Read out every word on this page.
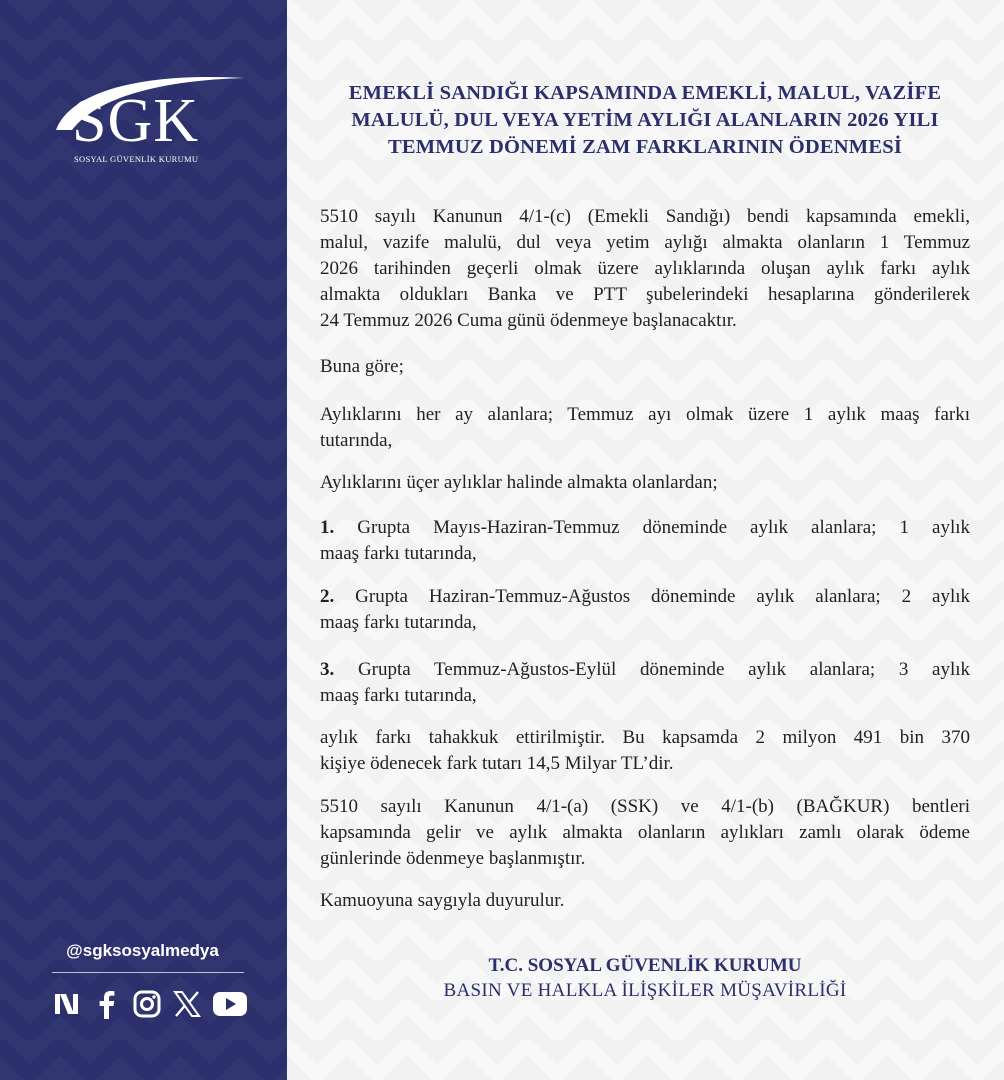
SGK
SOSYAL GÜVENLİK KURUMU
@sgksosyalmedya
EMEKLİ SANDIĞI KAPSAMINDA EMEKLİ, MALUL, VAZİFE
MALULÜ, DUL VEYA YETİM AYLIĞI ALANLARIN 2026 YILI
TEMMUZ DÖNEMİ ZAM FARKLARININ ÖDENMESİ
5510 sayılı Kanunun 4/1-(c) (Emekli Sandığı) bendi kapsamında emekli,
malul, vazife malulü, dul veya yetim aylığı almakta olanların 1 Temmuz
2026 tarihinden geçerli olmak üzere aylıklarında oluşan aylık farkı aylık
almakta oldukları Banka ve PTT şubelerindeki hesaplarına gönderilerek
24 Temmuz 2026 Cuma günü ödenmeye başlanacaktır.
Buna göre;
Aylıklarını her ay alanlara; Temmuz ayı olmak üzere 1 aylık maaş farkı
tutarında,
Aylıklarını üçer aylıklar halinde almakta olanlardan;
1. Grupta Mayıs-Haziran-Temmuz döneminde aylık alanlara; 1 aylık
maaş farkı tutarında,
2. Grupta Haziran-Temmuz-Ağustos döneminde aylık alanlara; 2 aylık
maaş farkı tutarında,
3. Grupta Temmuz-Ağustos-Eylül döneminde aylık alanlara; 3 aylık
maaş farkı tutarında,
aylık farkı tahakkuk ettirilmiştir. Bu kapsamda 2 milyon 491 bin 370
kişiye ödenecek fark tutarı 14,5 Milyar TL’dir.
5510 sayılı Kanunun 4/1-(a) (SSK) ve 4/1-(b) (BAĞKUR) bentleri
kapsamında gelir ve aylık almakta olanların aylıkları zamlı olarak ödeme
günlerinde ödenmeye başlanmıştır.
Kamuoyuna saygıyla duyurulur.
T.C. SOSYAL GÜVENLİK KURUMU
BASIN VE HALKLA İLİŞKİLER MÜŞAVİRLİĞİ
